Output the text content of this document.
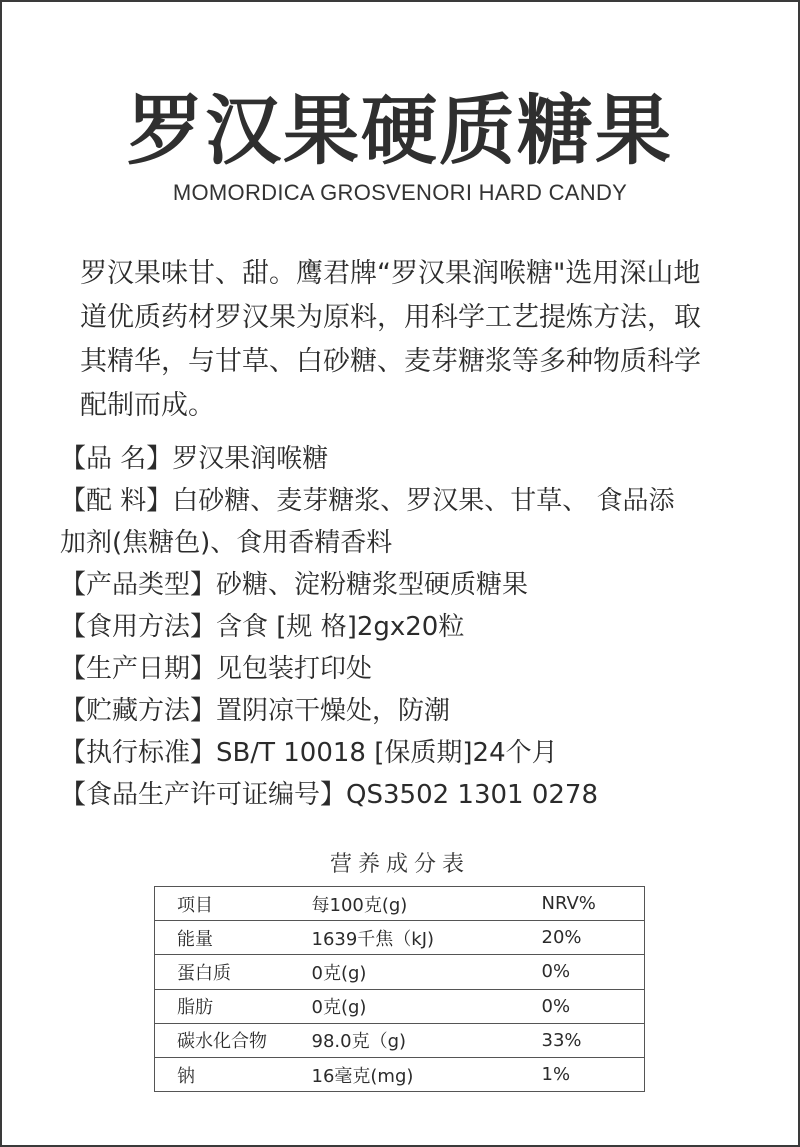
罗汉果硬质糖果
MOMORDICA GROSVENORI HARD CANDY
罗汉果味甘、甜。鹰君牌“罗汉果润喉糖"选用深山地
道优质药材罗汉果为原料，用科学工艺提炼方法，取
其精华，与甘草、白砂糖、麦芽糖浆等多种物质科学
配制而成。
【品 名】罗汉果润喉糖
【配 料】白砂糖、麦芽糖浆、罗汉果、甘草、 食品添
加剂(焦糖色)、食用香精香料
【产品类型】砂糖、淀粉糖浆型硬质糖果
【食用方法】含食 [规 格]2gx20粒
【生产日期】见包装打印处
【贮藏方法】置阴凉干燥处，防潮
【执行标准】SB/T 10018 [保质期]24个月
【食品生产许可证编号】QS3502 1301 0278
营养成分表
项目	每100克(g)	NRV%
能量	1639千焦（kJ)	20%
蛋白质	0克(g)	0%
脂肪	0克(g)	0%
碳水化合物	98.0克（g)	33%
钠	16毫克(mg)	1%
